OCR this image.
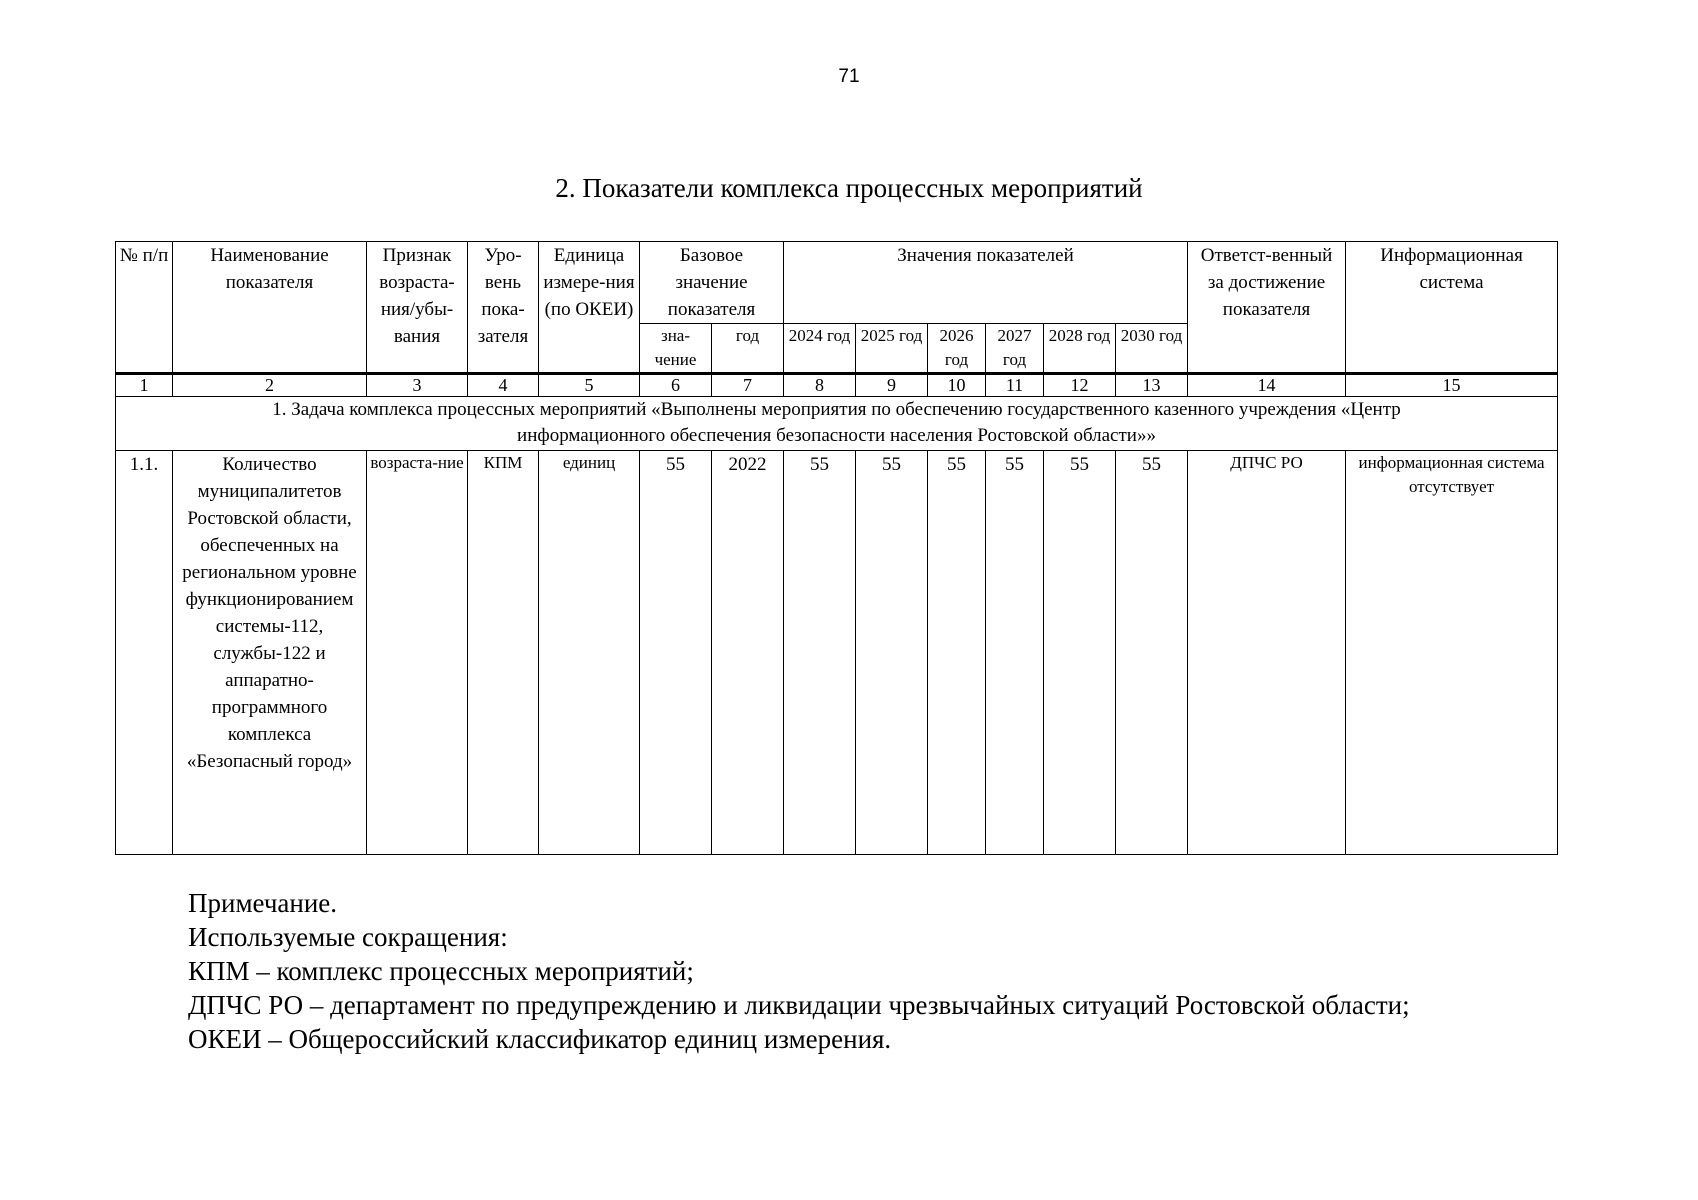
71
2. Показатели комплекса процессных мероприятий
№ п/п	Наименование показателя	Признак возраста-ния/убы-вания	Уро-вень пока-зателя	Единица измере-ния (по ОКЕИ)	Базовое значение показателя		Значения показателей						Ответст-венный за достижение показателя	Информационная система
					зна-чение	год	2024 год	2025 год	2026 год	2027 год	2028 год	2030 год		
1	2	3	4	5	6	7	8	9	10	11	12	13	14	15
1. Задача комплекса процессных мероприятий «Выполнены мероприятия по обеспечению государственного казенного учреждения «Центр информационного обеспечения безопасности населения Ростовской области»»														
1.1.	Количество муниципалитетов Ростовской области, обеспеченных на региональном уровне функционированием системы-112, службы-122 и аппаратно-программного комплекса «Безопасный город»	возраста-ние	КПМ	единиц	55	2022	55	55	55	55	55	55	ДПЧС РО	информационная система отсутствует
Примечание.
Используемые сокращения:
КПМ – комплекс процессных мероприятий;
ДПЧС РО – департамент по предупреждению и ликвидации чрезвычайных ситуаций Ростовской области;
ОКЕИ – Общероссийский классификатор единиц измерения.
